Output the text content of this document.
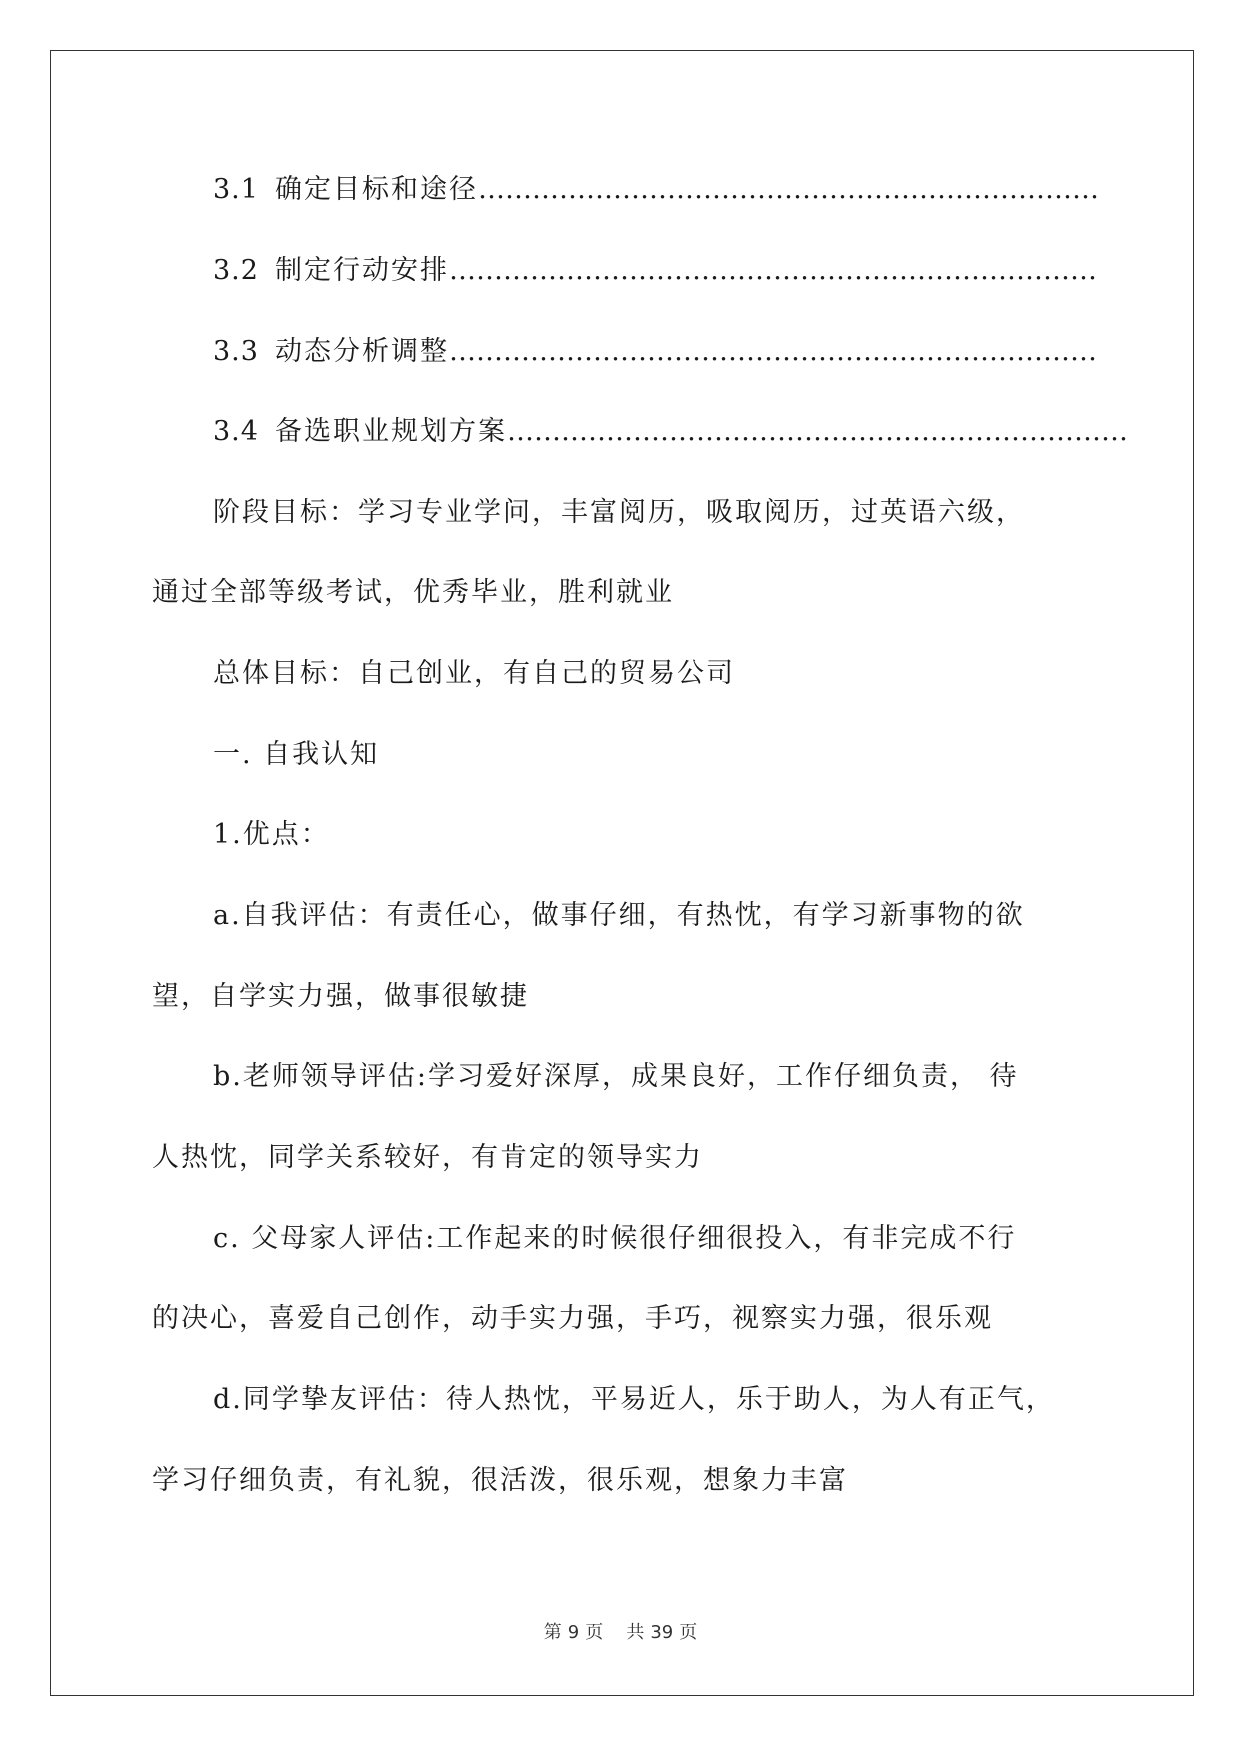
3.1 确定目标和途径 ……………………………………………………………
3.2 制定行动安排 ………………………………………………………………
3.3 动态分析调整 ………………………………………………………………
3.4 备选职业规划方案 ……………………………………………………………
阶段目标：学习专业学问，丰富阅历，吸取阅历，过英语六级，
通过全部等级考试，优秀毕业，胜利就业
总体目标：自己创业，有自己的贸易公司
一. 自我认知
1.优点：
a.自我评估：有责任心，做事仔细，有热忱，有学习新事物的欲
望，自学实力强，做事很敏捷
b.老师领导评估:学习爱好深厚，成果良好，工作仔细负责， 待
人热忱，同学关系较好，有肯定的领导实力
c. 父母家人评估:工作起来的时候很仔细很投入，有非完成不行
的决心，喜爱自己创作，动手实力强，手巧，视察实力强，很乐观
d.同学挚友评估：待人热忱，平易近人，乐于助人，为人有正气，
学习仔细负责，有礼貌，很活泼，很乐观，想象力丰富
第 9 页 共 39 页
